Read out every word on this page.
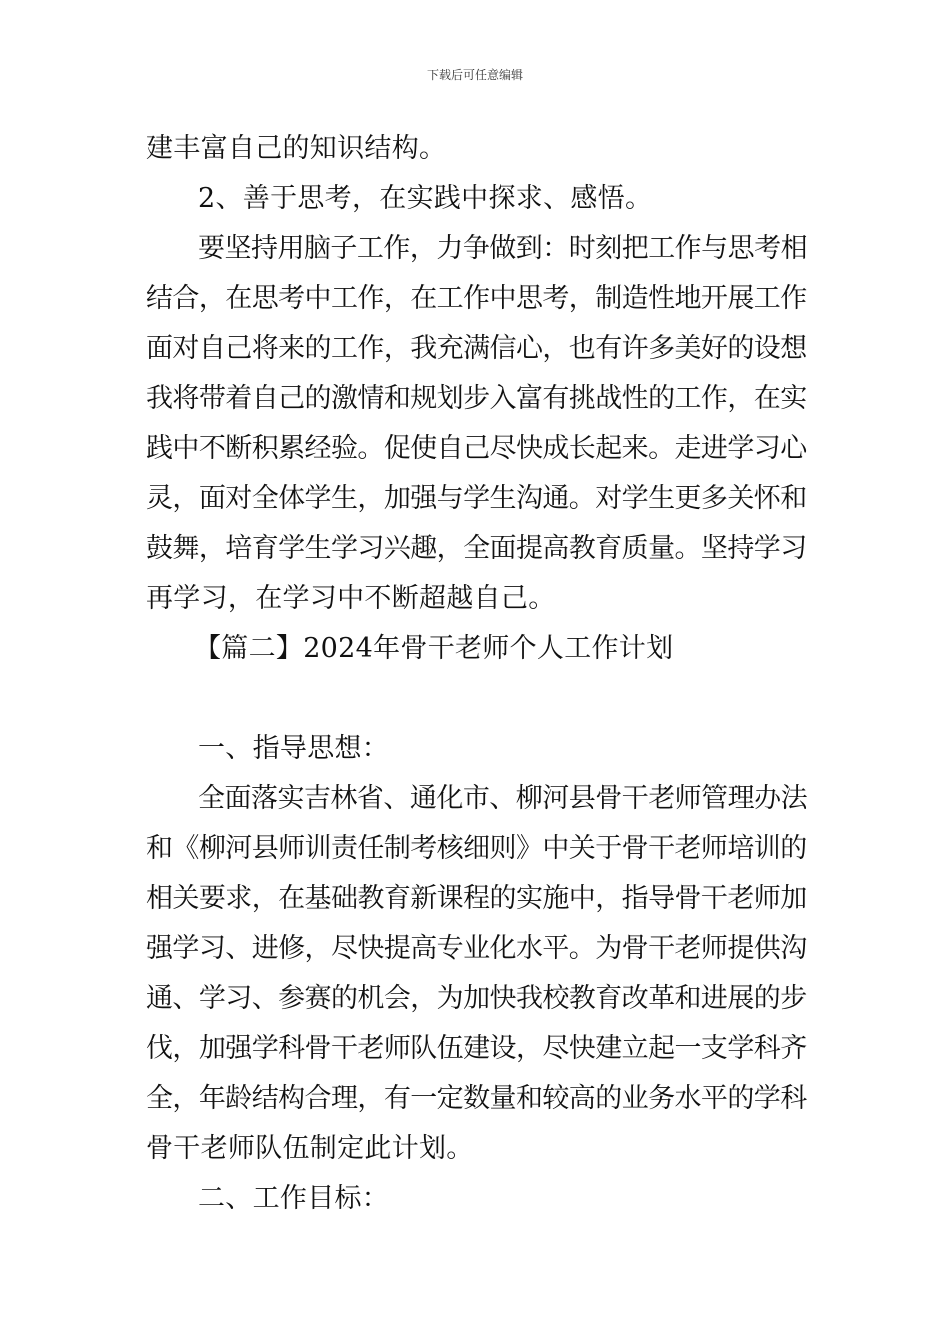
下载后可任意编辑
建丰富自己的知识结构。
2、善于思考，在实践中探求、感悟。
要坚持用脑子工作，力争做到：时刻把工作与思考相
结合，在思考中工作，在工作中思考，制造性地开展工作
面对自己将来的工作，我充满信心，也有许多美好的设想
我将带着自己的激情和规划步入富有挑战性的工作，在实
践中不断积累经验。促使自己尽快成长起来。走进学习心
灵，面对全体学生，加强与学生沟通。对学生更多关怀和
鼓舞，培育学生学习兴趣，全面提高教育质量。坚持学习
再学习，在学习中不断超越自己。
【篇二】2024年骨干老师个人工作计划
一、指导思想：
全面落实吉林省、通化市、柳河县骨干老师管理办法
和《柳河县师训责任制考核细则》中关于骨干老师培训的
相关要求，在基础教育新课程的实施中，指导骨干老师加
强学习、进修，尽快提高专业化水平。为骨干老师提供沟
通、学习、参赛的机会，为加快我校教育改革和进展的步
伐，加强学科骨干老师队伍建设，尽快建立起一支学科齐
全，年龄结构合理，有一定数量和较高的业务水平的学科
骨干老师队伍制定此计划。
二、工作目标：
